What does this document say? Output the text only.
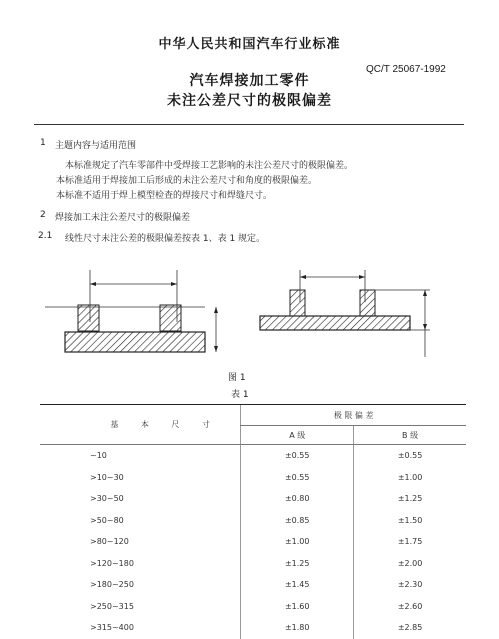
中华人民共和国汽车行业标准
QC/T 25067-1992
汽车焊接加工零件
未注公差尺寸的极限偏差
1 主题内容与适用范围
本标准规定了汽车零部件中受焊接工艺影响的未注公差尺寸的极限偏差。
本标准适用于焊接加工后形成的未注公差尺寸和角度的极限偏差。
本标准不适用于焊上模型检查的焊接尺寸和焊缝尺寸。
2 焊接加工未注公差尺寸的极限偏差
2.1 线性尺寸未注公差的极限偏差按表 1、表 1 规定。
图 1
表 1
基 本 尺 寸	极 限 偏 差	
	A 级	B 级
~10	±0.55	±0.55
>10~30	±0.55	±1.00
>30~50	±0.80	±1.25
>50~80	±0.85	±1.50
>80~120	±1.00	±1.75
>120~180	±1.25	±2.00
>180~250	±1.45	±2.30
>250~315	±1.60	±2.60
>315~400	±1.80	±2.85
